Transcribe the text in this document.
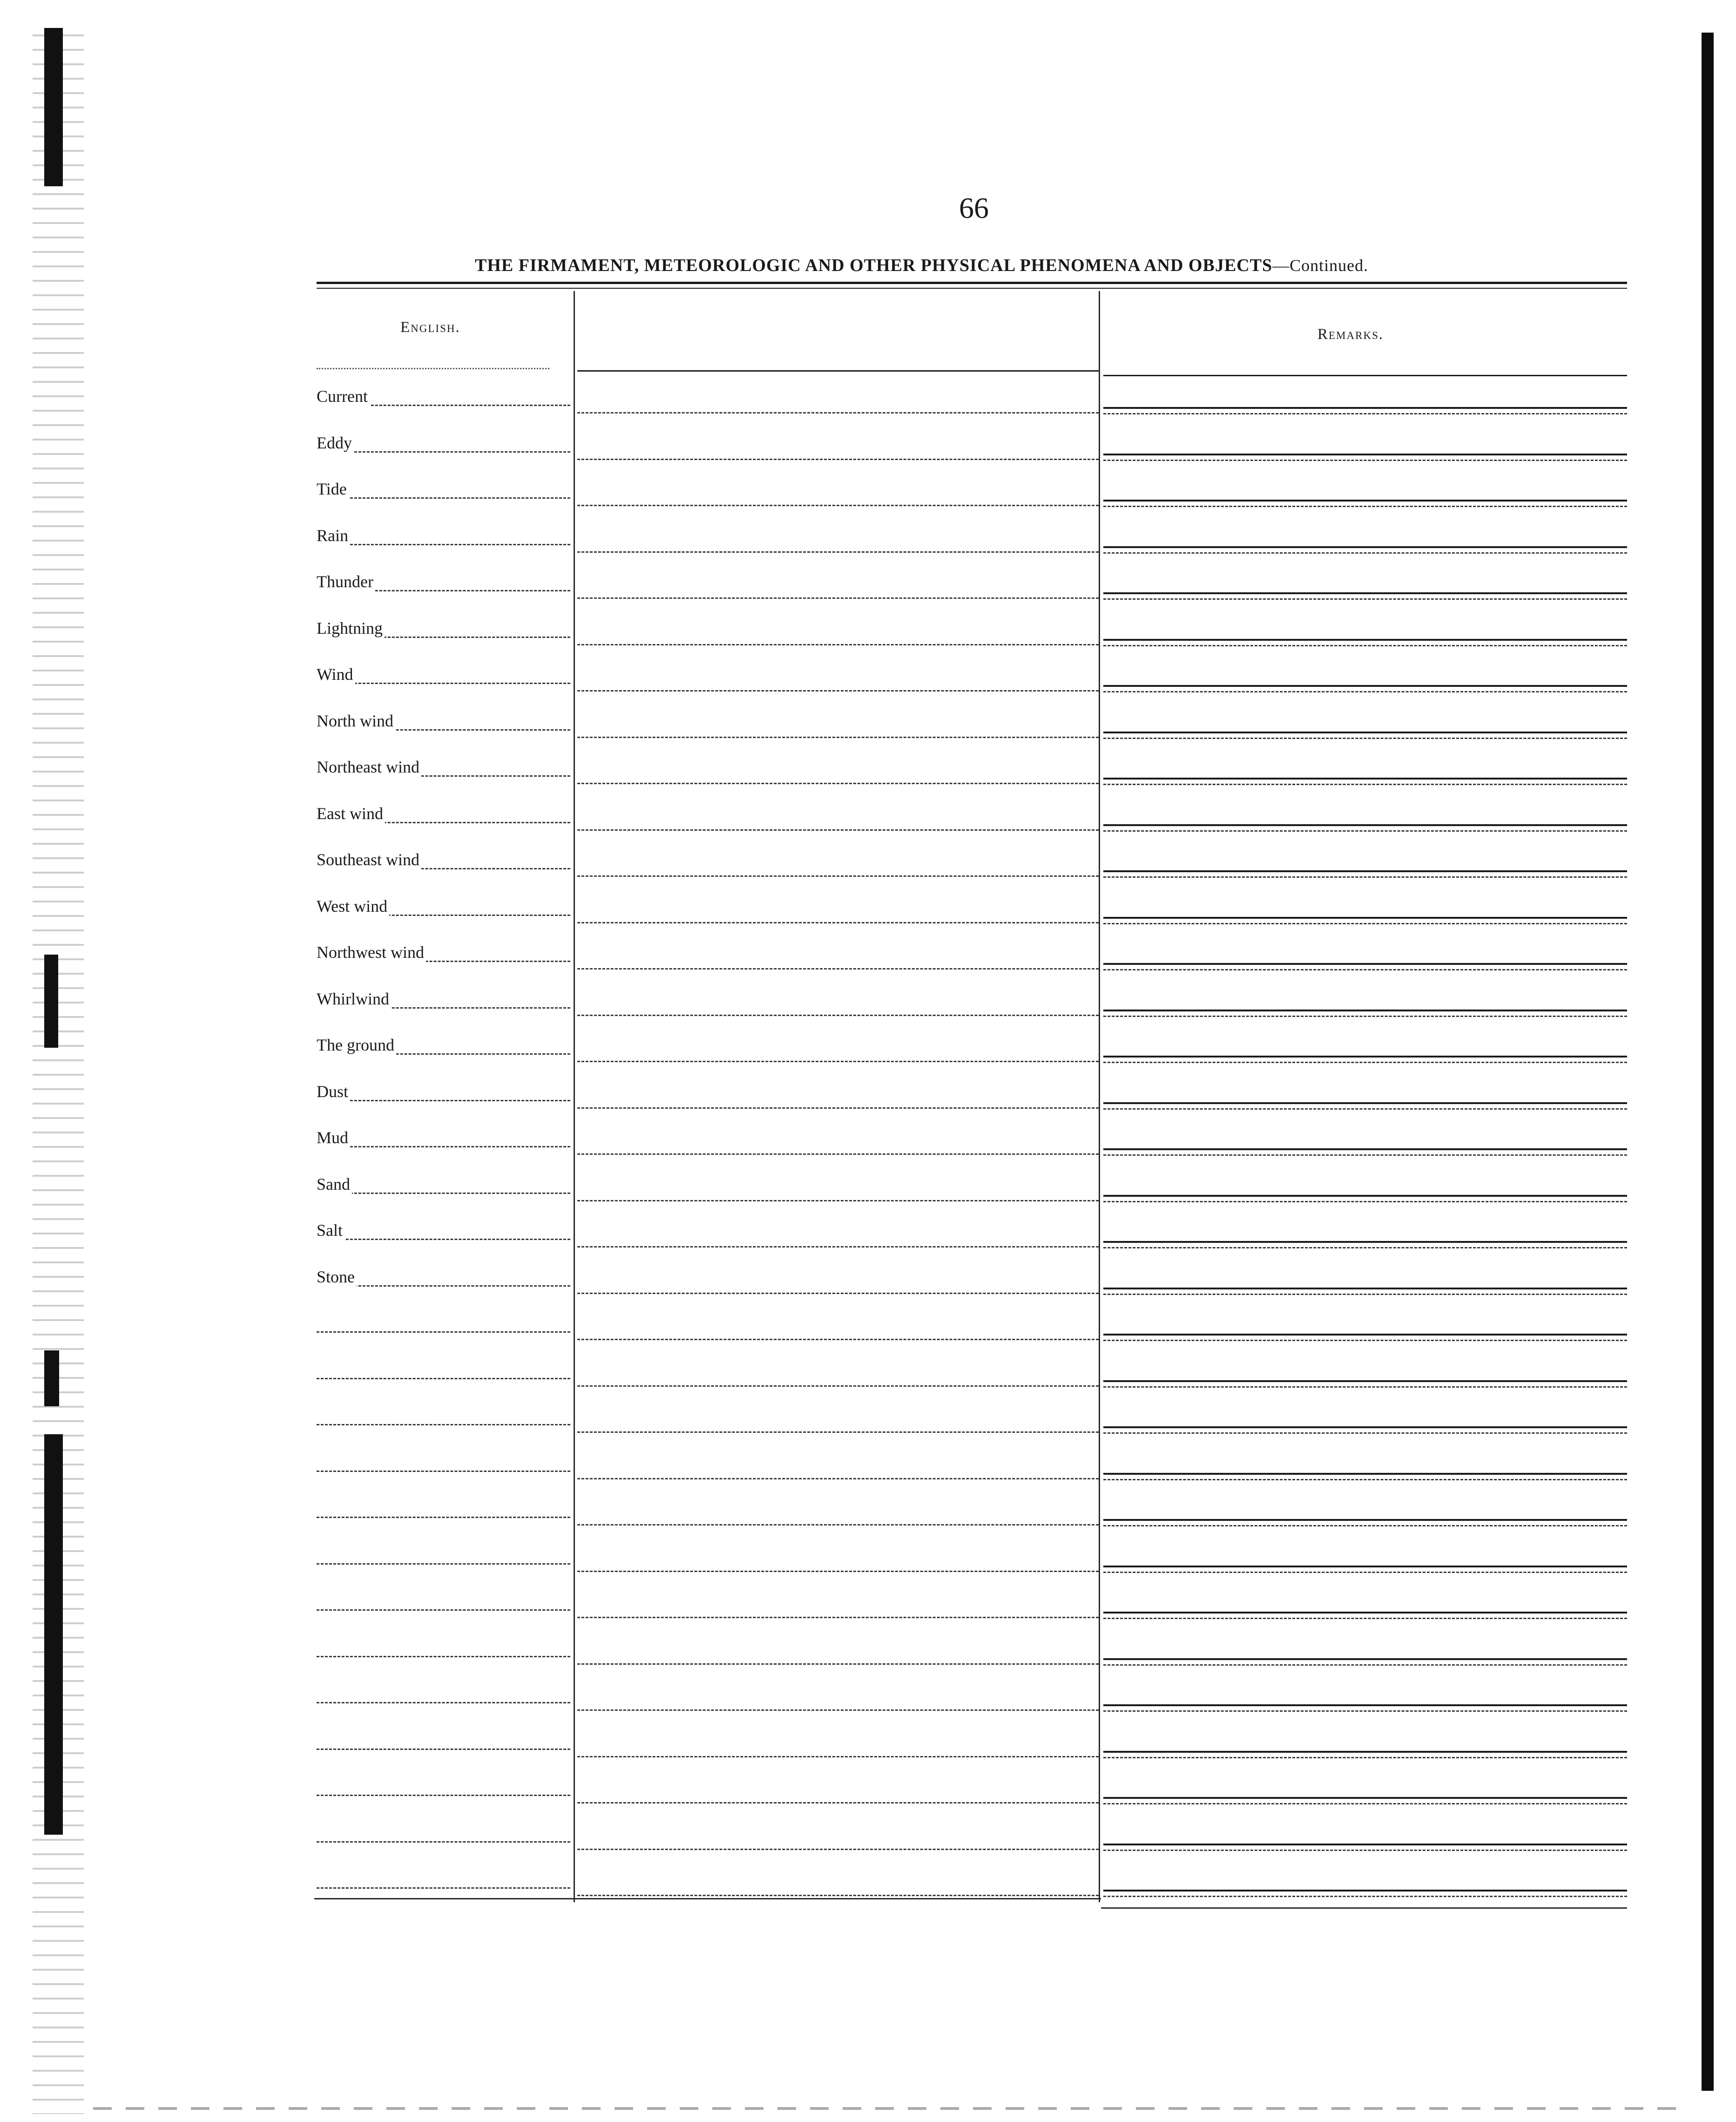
66
THE FIRMAMENT, METEOROLOGIC AND OTHER PHYSICAL PHENOMENA AND OBJECTS—Continued.
English.	Remarks.
Current
Eddy
Tide
Rain
Thunder
Lightning
Wind
North wind
Northeast wind
East wind
Southeast wind
West wind
Northwest wind
Whirlwind
The ground
Dust
Mud
Sand
Salt
Stone
